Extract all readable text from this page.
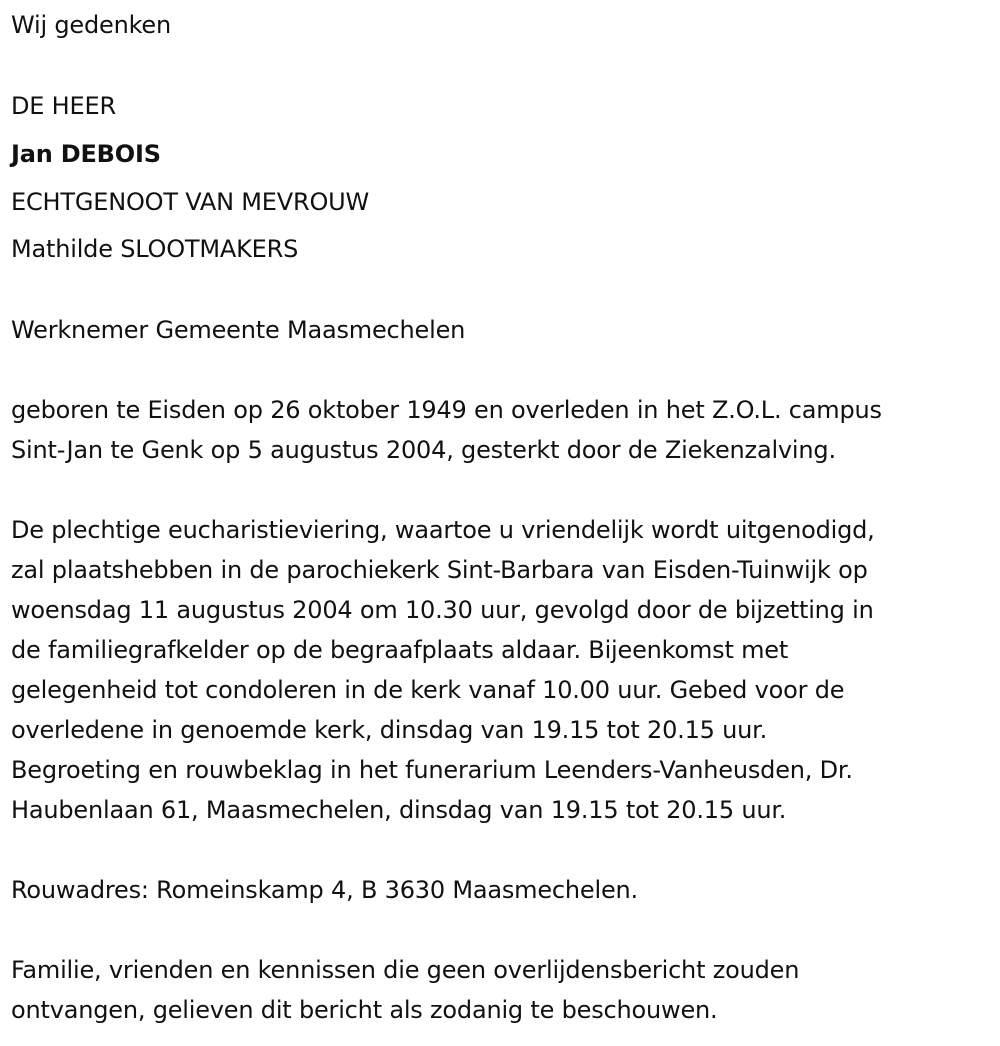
Wij gedenken
DE HEER
Jan DEBOIS
ECHTGENOOT VAN MEVROUW
Mathilde SLOOTMAKERS
Werknemer Gemeente Maasmechelen
geboren te Eisden op 26 oktober 1949 en overleden in het Z.O.L. campus
Sint-Jan te Genk op 5 augustus 2004, gesterkt door de Ziekenzalving.
De plechtige eucharistieviering, waartoe u vriendelijk wordt uitgenodigd,
zal plaatshebben in de parochiekerk Sint-Barbara van Eisden-Tuinwijk op
woensdag 11 augustus 2004 om 10.30 uur, gevolgd door de bijzetting in
de familiegrafkelder op de begraafplaats aldaar. Bijeenkomst met
gelegenheid tot condoleren in de kerk vanaf 10.00 uur. Gebed voor de
overledene in genoemde kerk, dinsdag van 19.15 tot 20.15 uur.
Begroeting en rouwbeklag in het funerarium Leenders-Vanheusden, Dr.
Haubenlaan 61, Maasmechelen, dinsdag van 19.15 tot 20.15 uur.
Rouwadres: Romeinskamp 4, B 3630 Maasmechelen.
Familie, vrienden en kennissen die geen overlijdensbericht zouden
ontvangen, gelieven dit bericht als zodanig te beschouwen.
